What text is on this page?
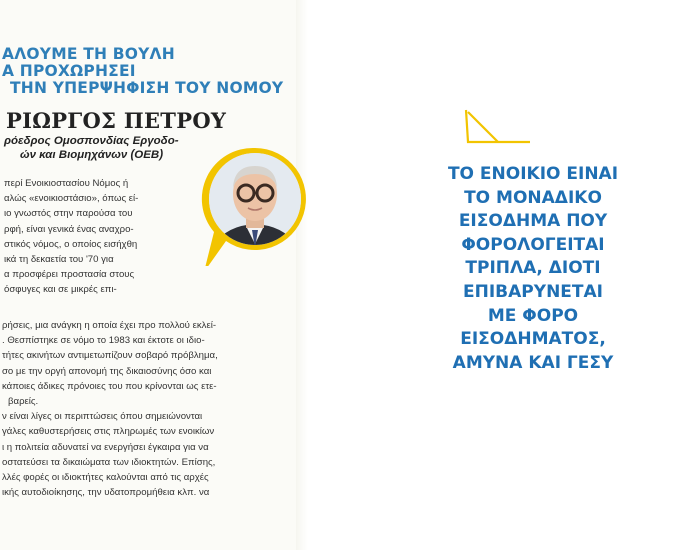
ΑΛΟΥΜΕ ΤΗ ΒΟΥΛΗ
Α ΠΡΟΧΩΡΗΣΕΙ
ΤΗΝ ΥΠΕΡΨΗΦΙΣΗ ΤΟΥ ΝΟΜΟΥ
ΡΙΩΡΓΟΣ ΠΕΤΡΟΥ
ρόεδρος Ομοσπονδίας Εργοδο-
ών και Βιομηχάνων (ΟΕΒ)
περί Ενοικιοστασίου Νόμος ή
αλώς «ενοικιοστάσιο», όπως εί-
ιο γνωστός στην παρούσα του
ρφή, είναι γενικά ένας αναχρο-
στικός νόμος, ο οποίος εισήχθη
ικά τη δεκαετία του '70 για
α προσφέρει προστασία στους
όσφυγες και σε μικρές επι-
ρήσεις, μια ανάγκη η οποία έχει προ πολλού εκλεί-
. Θεσπίστηκε σε νόμο το 1983 και έκτοτε οι ιδιο-
τήτες ακινήτων αντιμετωπίζουν σοβαρό πρόβλημα,
σο με την οργή απονομή της δικαιοσύνης όσο και
κάποιες άδικες πρόνοιες του που κρίνονται ως ετε-
βαρείς.
ν είναι λίγες οι περιπτώσεις όπου σημειώνονται
γάλες καθυστερήσεις στις πληρωμές των ενοικίων
ι η πολιτεία αδυνατεί να ενεργήσει έγκαιρα για να
οστατεύσει τα δικαιώματα των ιδιοκτητών. Επίσης,
λλές φορές οι ιδιοκτήτες καλούνται από τις αρχές
ικής αυτοδιοίκησης, την υδατοπρομήθεια κλπ. να
ΤΟ ΕΝΟΙΚΙΟ ΕΙΝΑΙ
ΤΟ ΜΟΝΑΔΙΚΟ
ΕΙΣΟΔΗΜΑ ΠΟΥ
ΦΟΡΟΛΟΓΕΙΤΑΙ
ΤΡΙΠΛΑ, ΔΙΟΤΙ
ΕΠΙΒΑΡΥΝΕΤΑΙ
ΜΕ ΦΟΡΟ
ΕΙΣΟΔΗΜΑΤΟΣ,
ΑΜΥΝΑ ΚΑΙ ΓΕΣΥ
